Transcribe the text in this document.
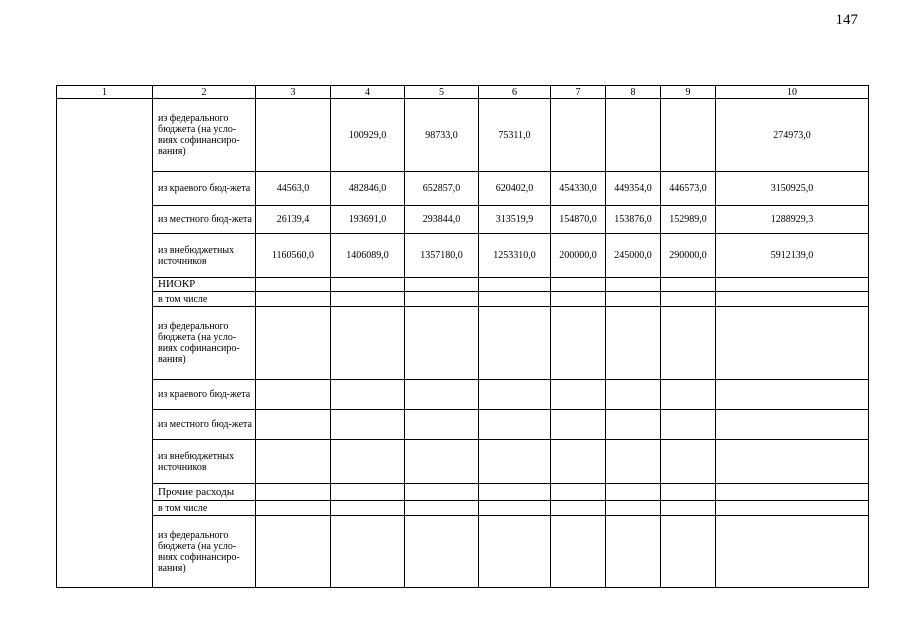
147
1	2	3	4	5	6	7	8	9	10
	из федерального бюджета (на усло-виях софинансиро-вания)		100929,0	98733,0	75311,0				274973,0
	из краевого бюд-жета	44563,0	482846,0	652857,0	620402,0	454330,0	449354,0	446573,0	3150925,0
	из местного бюд-жета	26139,4	193691,0	293844,0	313519,9	154870,0	153876,0	152989,0	1288929,3
	из внебюджетных источников	1160560,0	1406089,0	1357180,0	1253310,0	200000,0	245000,0	290000,0	5912139,0
	НИОКР								
	в том числе								
	из федерального бюджета (на усло-виях софинансиро-вания)								
	из краевого бюд-жета								
	из местного бюд-жета								
	из внебюджетных источников								
	Прочие расходы								
	в том числе								
	из федерального бюджета (на усло-виях софинансиро-вания)								
